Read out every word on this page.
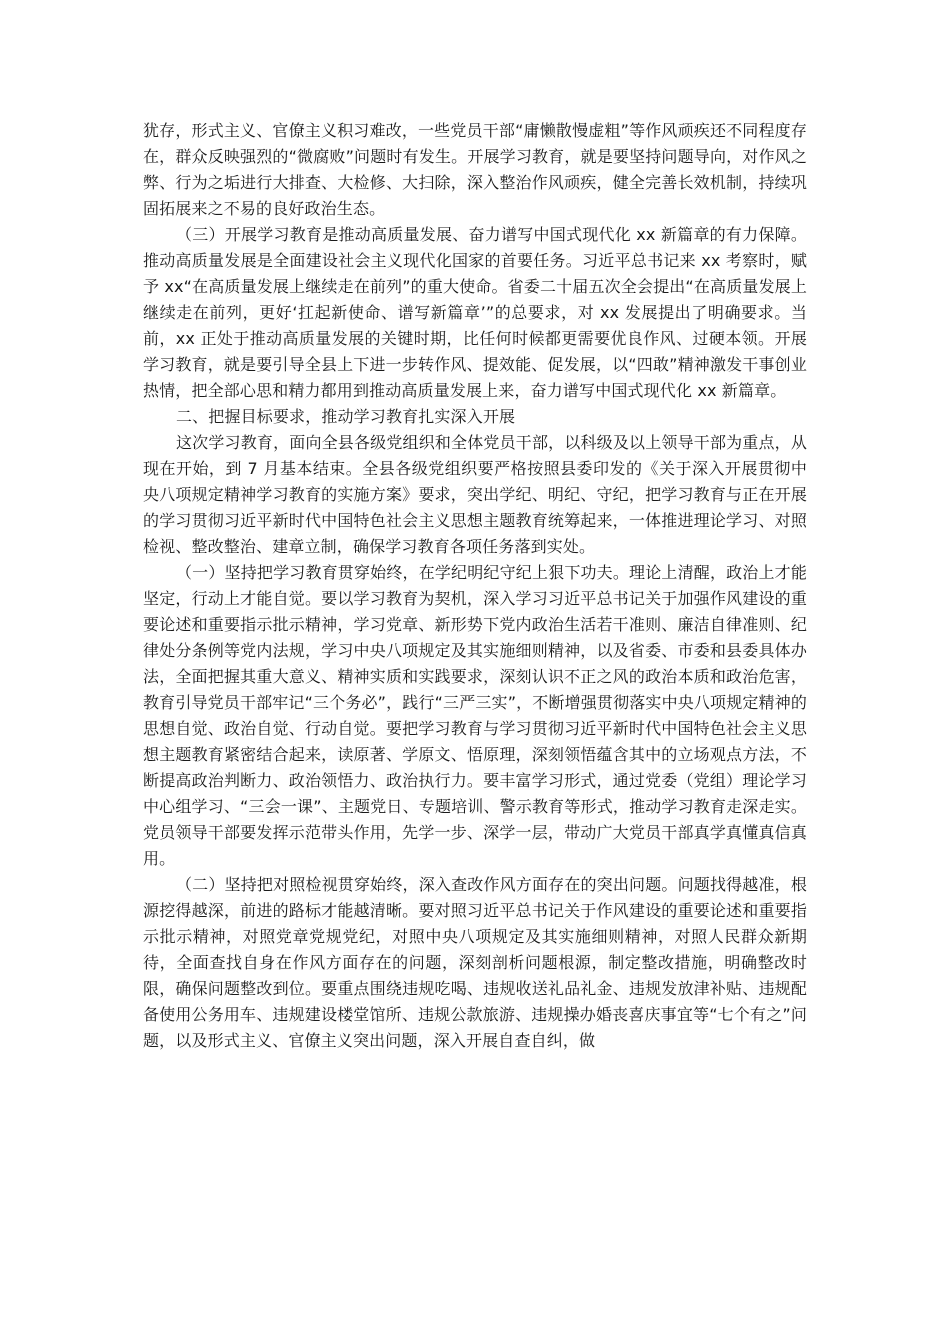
犹存，形式主义、官僚主义积习难改，一些党员干部“庸懒散慢虚粗”等作风顽疾还不同程度存在，群众反映强烈的“微腐败”问题时有发生。开展学习教育，就是要坚持问题导向，对作风之弊、行为之垢进行大排查、大检修、大扫除，深入整治作风顽疾，健全完善长效机制，持续巩固拓展来之不易的良好政治生态。

（三）开展学习教育是推动高质量发展、奋力谱写中国式现代化 xx 新篇章的有力保障。推动高质量发展是全面建设社会主义现代化国家的首要任务。习近平总书记来 xx 考察时，赋予 xx“在高质量发展上继续走在前列”的重大使命。省委二十届五次全会提出“在高质量发展上继续走在前列，更好‘扛起新使命、谱写新篇章’”的总要求，对 xx 发展提出了明确要求。当前，xx 正处于推动高质量发展的关键时期，比任何时候都更需要优良作风、过硬本领。开展学习教育，就是要引导全县上下进一步转作风、提效能、促发展，以“四敢”精神激发干事创业热情，把全部心思和精力都用到推动高质量发展上来，奋力谱写中国式现代化 xx 新篇章。

二、把握目标要求，推动学习教育扎实深入开展

这次学习教育，面向全县各级党组织和全体党员干部，以科级及以上领导干部为重点，从现在开始，到 7 月基本结束。全县各级党组织要严格按照县委印发的《关于深入开展贯彻中央八项规定精神学习教育的实施方案》要求，突出学纪、明纪、守纪，把学习教育与正在开展的学习贯彻习近平新时代中国特色社会主义思想主题教育统筹起来，一体推进理论学习、对照检视、整改整治、建章立制，确保学习教育各项任务落到实处。

（一）坚持把学习教育贯穿始终，在学纪明纪守纪上狠下功夫。理论上清醒，政治上才能坚定，行动上才能自觉。要以学习教育为契机，深入学习习近平总书记关于加强作风建设的重要论述和重要指示批示精神，学习党章、新形势下党内政治生活若干准则、廉洁自律准则、纪律处分条例等党内法规，学习中央八项规定及其实施细则精神，以及省委、市委和县委具体办法，全面把握其重大意义、精神实质和实践要求，深刻认识不正之风的政治本质和政治危害，教育引导党员干部牢记“三个务必”，践行“三严三实”，不断增强贯彻落实中央八项规定精神的思想自觉、政治自觉、行动自觉。要把学习教育与学习贯彻习近平新时代中国特色社会主义思想主题教育紧密结合起来，读原著、学原文、悟原理，深刻领悟蕴含其中的立场观点方法，不断提高政治判断力、政治领悟力、政治执行力。要丰富学习形式，通过党委（党组）理论学习中心组学习、“三会一课”、主题党日、专题培训、警示教育等形式，推动学习教育走深走实。党员领导干部要发挥示范带头作用，先学一步、深学一层，带动广大党员干部真学真懂真信真用。

（二）坚持把对照检视贯穿始终，深入查改作风方面存在的突出问题。问题找得越准，根源挖得越深，前进的路标才能越清晰。要对照习近平总书记关于作风建设的重要论述和重要指示批示精神，对照党章党规党纪，对照中央八项规定及其实施细则精神，对照人民群众新期待，全面查找自身在作风方面存在的问题，深刻剖析问题根源，制定整改措施，明确整改时限，确保问题整改到位。要重点围绕违规吃喝、违规收送礼品礼金、违规发放津补贴、违规配备使用公务用车、违规建设楼堂馆所、违规公款旅游、违规操办婚丧喜庆事宜等“七个有之”问题，以及形式主义、官僚主义突出问题，深入开展自查自纠，做
